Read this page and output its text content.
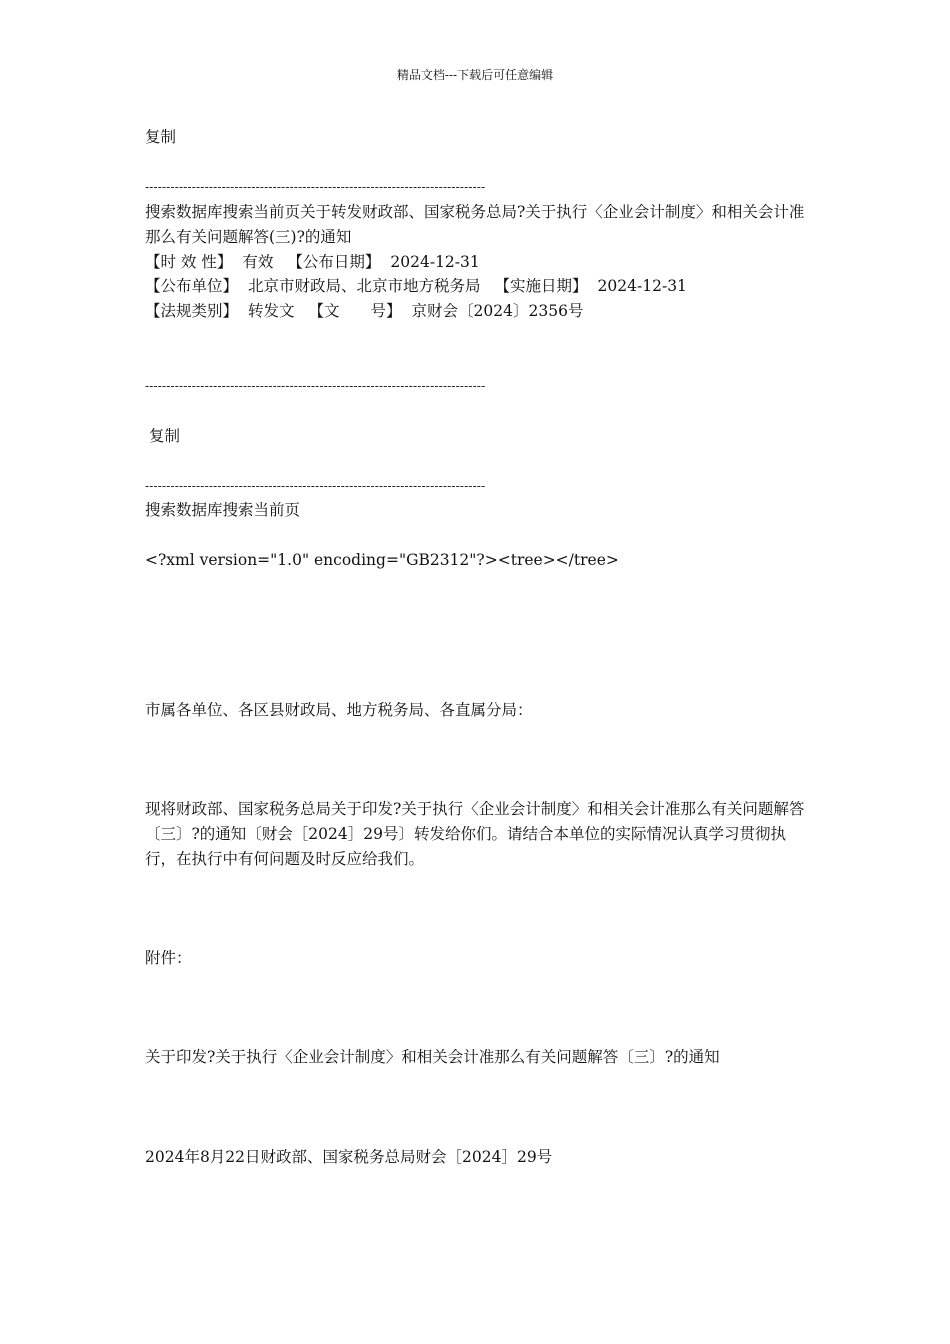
精品文档---下载后可任意编辑
复制
--------------------------------------------------------------------------------
搜索数据库搜索当前页关于转发财政部、国家税务总局?关于执行〈企业会计制度〉和相关会计准那么有关问题解答(三)?的通知
【时 效 性】 有效 【公布日期】 2024-12-31
【公布单位】 北京市财政局、北京市地方税务局 【实施日期】 2024-12-31
【法规类别】 转发文 【文　　号】 京财会〔2024〕2356号
--------------------------------------------------------------------------------
复制
--------------------------------------------------------------------------------
搜索数据库搜索当前页
<?xml version="1.0" encoding="GB2312"?><tree></tree>
市属各单位、各区县财政局、地方税务局、各直属分局：
现将财政部、国家税务总局关于印发?关于执行〈企业会计制度〉和相关会计准那么有关问题解答〔三〕?的通知〔财会［2024］29号〕转发给你们。请结合本单位的实际情况认真学习贯彻执行，在执行中有何问题及时反应给我们。
附件：
关于印发?关于执行〈企业会计制度〉和相关会计准那么有关问题解答〔三〕?的通知
2024年8月22日财政部、国家税务总局财会［2024］29号
